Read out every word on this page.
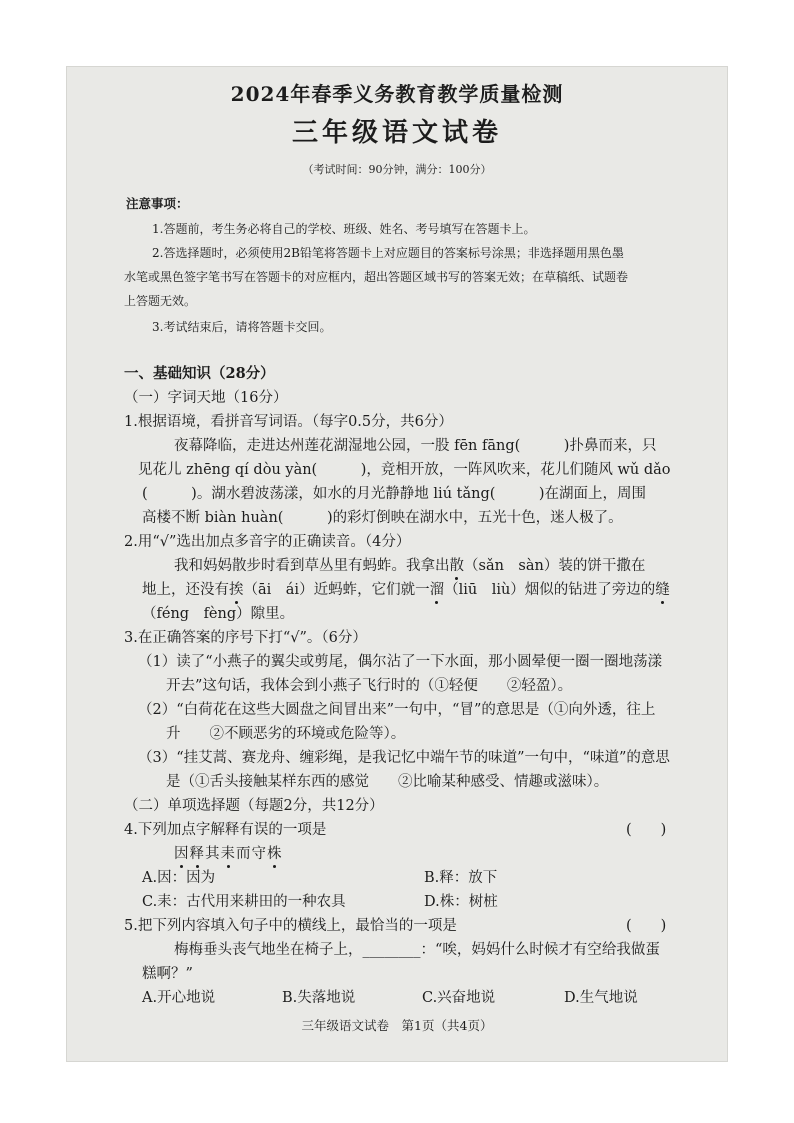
2024年春季义务教育教学质量检测
三年级语文试卷
（考试时间：90分钟，满分：100分）
注意事项：
1.答题前，考生务必将自己的学校、班级、姓名、考号填写在答题卡上。
2.答选择题时，必须使用2B铅笔将答题卡上对应题目的答案标号涂黑；非选择题用黑色墨
水笔或黑色签字笔书写在答题卡的对应框内，超出答题区域书写的答案无效；在草稿纸、试题卷
上答题无效。
3.考试结束后，请将答题卡交回。
一、基础知识（28分）
（一）字词天地（16分）
1.根据语境，看拼音写词语。（每字0.5分，共6分）
夜幕降临，走进达州莲花湖湿地公园，一股 fēn fāng(　　　)扑鼻而来，只
见花儿 zhēng qí dòu yàn(　　　)，竞相开放，一阵风吹来，花儿们随风 wǔ dǎo
(　　　)。湖水碧波荡漾，如水的月光静静地 liú tǎng(　　　)在湖面上，周围
高楼不断 biàn huàn(　　　)的彩灯倒映在湖水中，五光十色，迷人极了。
2.用“√”选出加点多音字的正确读音。（4分）
我和妈妈散步时看到草丛里有蚂蚱。我拿出散（sǎn　sàn）装的饼干撒在
地上，还没有挨（āi　ái）近蚂蚱，它们就一溜（liū　liù）烟似的钻进了旁边的缝
（féng　fèng）隙里。
3.在正确答案的序号下打“√”。（6分）
（1）读了“小燕子的翼尖或剪尾，偶尔沾了一下水面，那小圆晕便一圈一圈地荡漾
开去”这句话，我体会到小燕子飞行时的（①轻便　　②轻盈）。
（2）“白荷花在这些大圆盘之间冒出来”一句中，“冒”的意思是（①向外透，往上
升　　②不顾恶劣的环境或危险等）。
（3）“挂艾蒿、赛龙舟、缠彩绳，是我记忆中端午节的味道”一句中，“味道”的意思
是（①舌头接触某样东西的感觉　　②比喻某种感受、情趣或滋味）。
（二）单项选择题（每题2分，共12分）
4.下列加点字解释有误的一项是	(　　)
因释其耒而守株
A.因：因为	B.释：放下
C.耒：古代用来耕田的一种农具	D.株：树桩
5.把下列内容填入句子中的横线上，最恰当的一项是	(　　)
梅梅垂头丧气地坐在椅子上，________：“唉，妈妈什么时候才有空给我做蛋
糕啊？”
A.开心地说	B.失落地说	C.兴奋地说	D.生气地说
三年级语文试卷　第1页（共4页）
